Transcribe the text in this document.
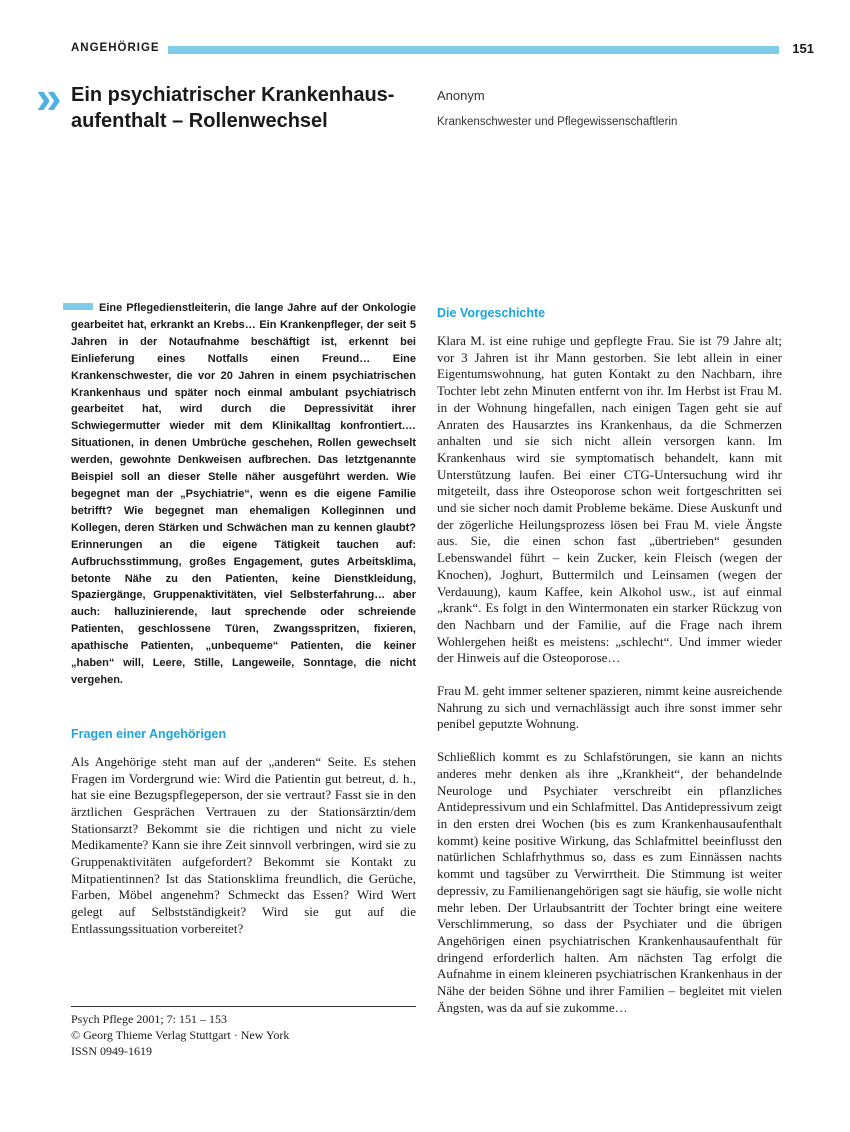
ANGEHÖRIGE	151
» Ein psychiatrischer Krankenhaus-aufenthalt – Rollenwechsel
Anonym
Krankenschwester und Pflegewissenschaftlerin

Eine Pflegedienstleiterin, die lange Jahre auf der Onkologie gearbeitet hat, erkrankt an Krebs… Ein Krankenpfleger, der seit 5 Jahren in der Notaufnahme beschäftigt ist, erkennt bei Einlieferung eines Notfalls einen Freund… Eine Krankenschwester, die vor 20 Jahren in einem psychiatrischen Krankenhaus und später noch einmal ambulant psychiatrisch gearbeitet hat, wird durch die Depressivität ihrer Schwiegermutter wieder mit dem Klinikalltag konfrontiert.… Situationen, in denen Umbrüche geschehen, Rollen gewechselt werden, gewohnte Denkweisen aufbrechen. Das letztgenannte Beispiel soll an dieser Stelle näher ausgeführt werden. Wie begegnet man der „Psychiatrie“, wenn es die eigene Familie betrifft? Wie begegnet man ehemaligen Kolleginnen und Kollegen, deren Stärken und Schwächen man zu kennen glaubt? Erinnerungen an die eigene Tätigkeit tauchen auf: Aufbruchsstimmung, großes Engagement, gutes Arbeitsklima, betonte Nähe zu den Patienten, keine Dienstkleidung, Spaziergänge, Gruppenaktivitäten, viel Selbsterfahrung… aber auch: halluzinierende, laut sprechende oder schreiende Patienten, geschlossene Türen, Zwangsspritzen, fixieren, apathische Patienten, „unbequeme“ Patienten, die keiner „haben“ will, Leere, Stille, Langeweile, Sonntage, die nicht vergehen.

Fragen einer Angehörigen

Als Angehörige steht man auf der „anderen“ Seite. Es stehen Fragen im Vordergrund wie: Wird die Patientin gut betreut, d. h., hat sie eine Bezugspflegeperson, der sie vertraut? Fasst sie in den ärztlichen Gesprächen Vertrauen zu der Stationsärztin/dem Stationsarzt? Bekommt sie die richtigen und nicht zu viele Medikamente? Kann sie ihre Zeit sinnvoll verbringen, wird sie zu Gruppenaktivitäten aufgefordert? Bekommt sie Kontakt zu Mitpatientinnen? Ist das Stationsklima freundlich, die Gerüche, Farben, Möbel angenehm? Schmeckt das Essen? Wird Wert gelegt auf Selbstständigkeit? Wird sie gut auf die Entlassungssituation vorbereitet?

Die Vorgeschichte

Klara M. ist eine ruhige und gepflegte Frau. Sie ist 79 Jahre alt; vor 3 Jahren ist ihr Mann gestorben. Sie lebt allein in einer Eigentumswohnung, hat guten Kontakt zu den Nachbarn, ihre Tochter lebt zehn Minuten entfernt von ihr. Im Herbst ist Frau M. in der Wohnung hingefallen, nach einigen Tagen geht sie auf Anraten des Hausarztes ins Krankenhaus, da die Schmerzen anhalten und sie sich nicht allein versorgen kann. Im Krankenhaus wird sie symptomatisch behandelt, kann mit Unterstützung laufen. Bei einer CTG-Untersuchung wird ihr mitgeteilt, dass ihre Osteoporose schon weit fortgeschritten sei und sie sicher noch damit Probleme bekäme. Diese Auskunft und der zögerliche Heilungsprozess lösen bei Frau M. viele Ängste aus. Sie, die einen schon fast „übertrieben“ gesunden Lebenswandel führt – kein Zucker, kein Fleisch (wegen der Knochen), Joghurt, Buttermilch und Leinsamen (wegen der Verdauung), kaum Kaffee, kein Alkohol usw., ist auf einmal „krank“. Es folgt in den Wintermonaten ein starker Rückzug von den Nachbarn und der Familie, auf die Frage nach ihrem Wohlergehen heißt es meistens: „schlecht“. Und immer wieder der Hinweis auf die Osteoporose…

Frau M. geht immer seltener spazieren, nimmt keine ausreichende Nahrung zu sich und vernachlässigt auch ihre sonst immer sehr penibel geputzte Wohnung.

Schließlich kommt es zu Schlafstörungen, sie kann an nichts anderes mehr denken als ihre „Krankheit“, der behandelnde Neurologe und Psychiater verschreibt ein pflanzliches Antidepressivum und ein Schlafmittel. Das Antidepressivum zeigt in den ersten drei Wochen (bis es zum Krankenhausaufenthalt kommt) keine positive Wirkung, das Schlafmittel beeinflusst den natürlichen Schlafrhythmus so, dass es zum Einnässen nachts kommt und tagsüber zu Verwirrtheit. Die Stimmung ist weiter depressiv, zu Familienangehörigen sagt sie häufig, sie wolle nicht mehr leben. Der Urlaubsantritt der Tochter bringt eine weitere Verschlimmerung, so dass der Psychiater und die übrigen Angehörigen einen psychiatrischen Krankenhausaufenthalt für dringend erforderlich halten. Am nächsten Tag erfolgt die Aufnahme in einem kleineren psychiatrischen Krankenhaus in der Nähe der beiden Söhne und ihrer Familien – begleitet mit vielen Ängsten, was da auf sie zukomme…

Psych Pflege 2001; 7: 151 – 153
© Georg Thieme Verlag Stuttgart · New York
ISSN 0949-1619
